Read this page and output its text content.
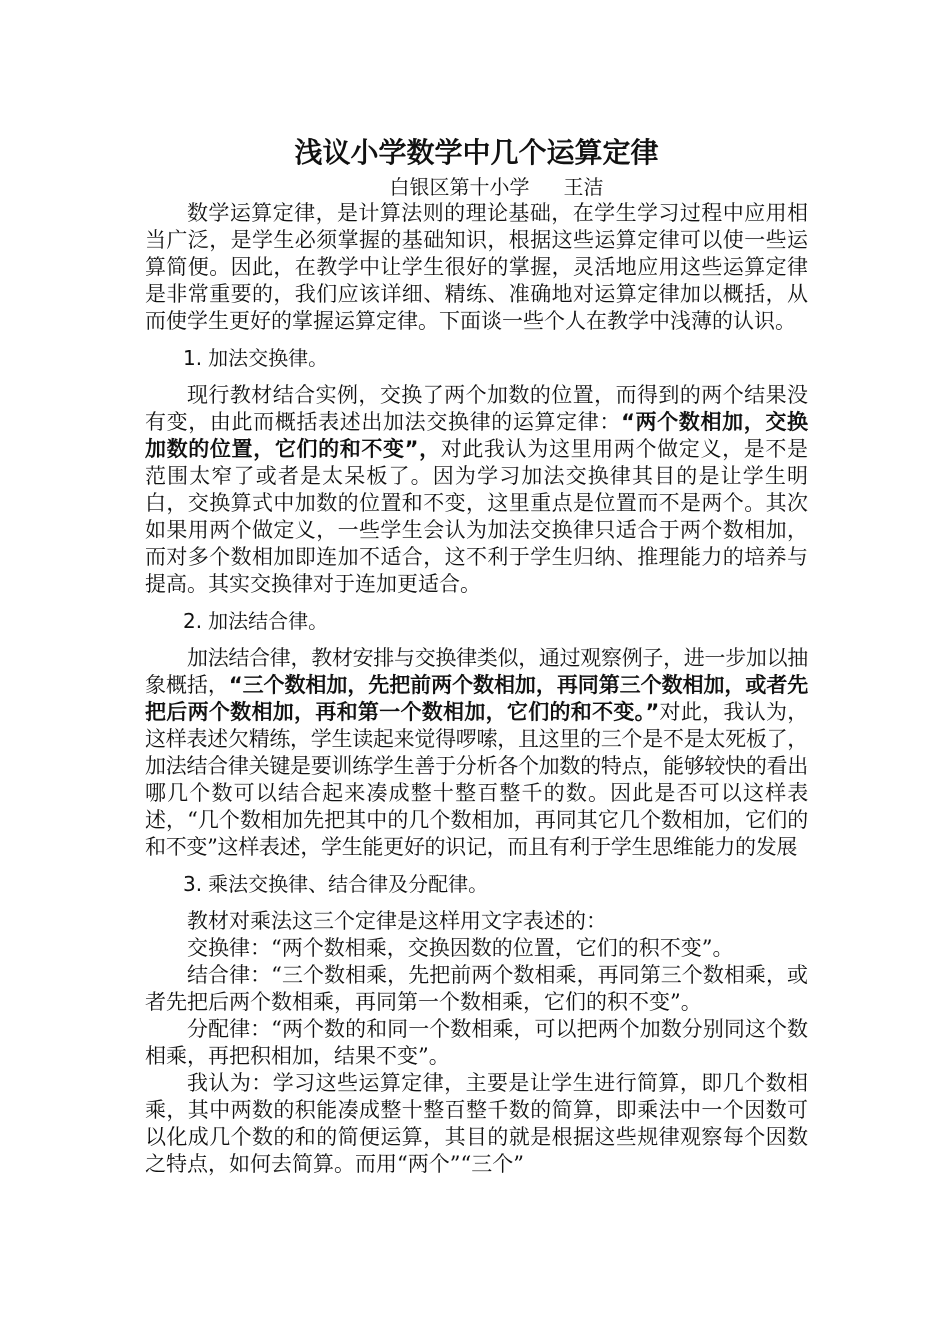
浅议小学数学中几个运算定律

白银区第十小学 王洁

数学运算定律，是计算法则的理论基础，在学生学习过程中应用相当广泛，是学生必须掌握的基础知识，根据这些运算定律可以使一些运算简便。因此，在教学中让学生很好的掌握，灵活地应用这些运算定律是非常重要的，我们应该详细、精练、准确地对运算定律加以概括，从而使学生更好的掌握运算定律。下面谈一些个人在教学中浅薄的认识。

1. 加法交换律。

现行教材结合实例，交换了两个加数的位置，而得到的两个结果没有变，由此而概括表述出加法交换律的运算定律：“两个数相加，交换加数的位置，它们的和不变”，对此我认为这里用两个做定义，是不是范围太窄了或者是太呆板了。因为学习加法交换律其目的是让学生明白，交换算式中加数的位置和不变，这里重点是位置而不是两个。其次如果用两个做定义，一些学生会认为加法交换律只适合于两个数相加，而对多个数相加即连加不适合，这不利于学生归纳、推理能力的培养与提高。其实交换律对于连加更适合。

2. 加法结合律。

加法结合律，教材安排与交换律类似，通过观察例子，进一步加以抽象概括，“三个数相加，先把前两个数相加，再同第三个数相加，或者先把后两个数相加，再和第一个数相加，它们的和不变。”对此，我认为，这样表述欠精练，学生读起来觉得啰嗦，且这里的三个是不是太死板了，加法结合律关键是要训练学生善于分析各个加数的特点，能够较快的看出哪几个数可以结合起来凑成整十整百整千的数。因此是否可以这样表述，“几个数相加先把其中的几个数相加，再同其它几个数相加，它们的和不变”这样表述，学生能更好的识记，而且有利于学生思维能力的发展

3. 乘法交换律、结合律及分配律。

教材对乘法这三个定律是这样用文字表述的：

交换律：“两个数相乘，交换因数的位置，它们的积不变”。

结合律：“三个数相乘，先把前两个数相乘，再同第三个数相乘，或者先把后两个数相乘，再同第一个数相乘，它们的积不变”。

分配律：“两个数的和同一个数相乘，可以把两个加数分别同这个数相乘，再把积相加，结果不变”。

我认为：学习这些运算定律，主要是让学生进行简算，即几个数相乘，其中两数的积能凑成整十整百整千数的简算，即乘法中一个因数可以化成几个数的和的简便运算，其目的就是根据这些规律观察每个因数之特点，如何去简算。而用“两个”“三个”
